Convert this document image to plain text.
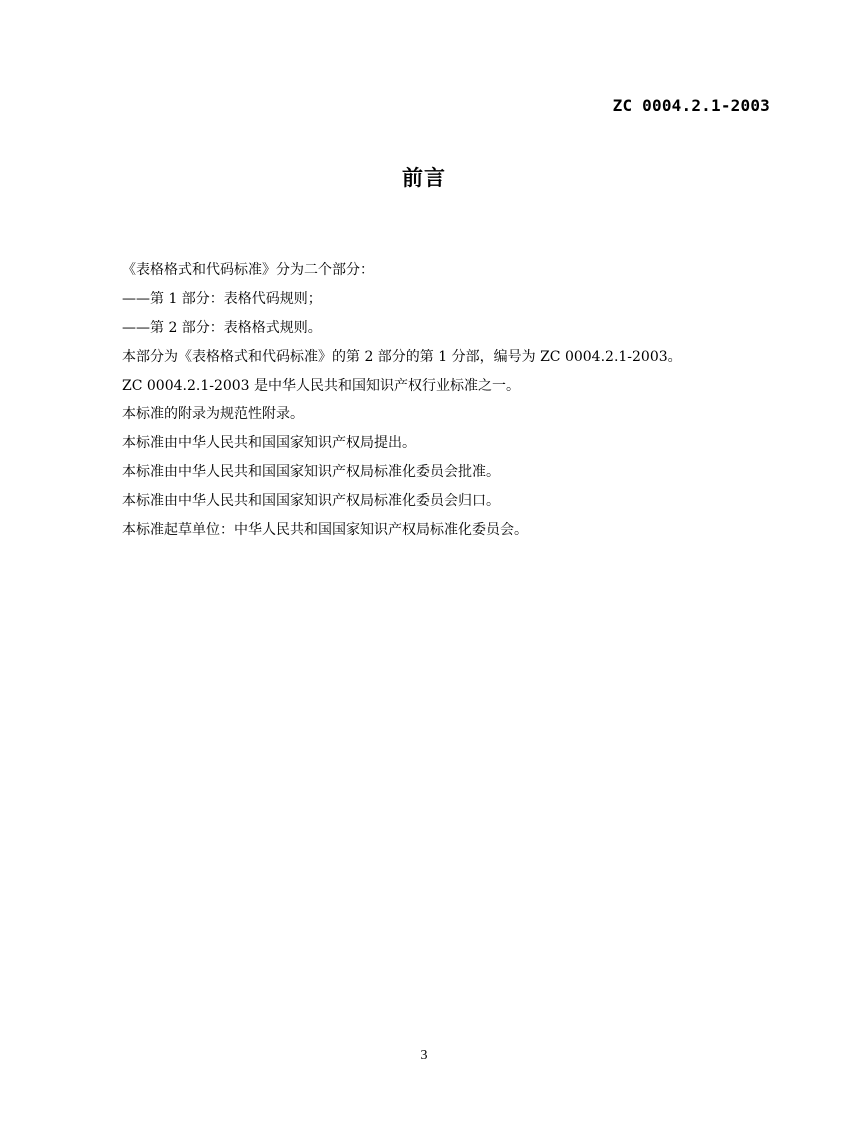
ZC 0004.2.1-2003
前言
《表格格式和代码标准》分为二个部分：
——第 1 部分：表格代码规则；
——第 2 部分：表格格式规则。
本部分为《表格格式和代码标准》的第 2 部分的第 1 分部，编号为 ZC 0004.2.1-2003。
ZC 0004.2.1-2003 是中华人民共和国知识产权行业标准之一。
本标准的附录为规范性附录。
本标准由中华人民共和国国家知识产权局提出。
本标准由中华人民共和国国家知识产权局标准化委员会批准。
本标准由中华人民共和国国家知识产权局标准化委员会归口。
本标准起草单位：中华人民共和国国家知识产权局标准化委员会。
3
